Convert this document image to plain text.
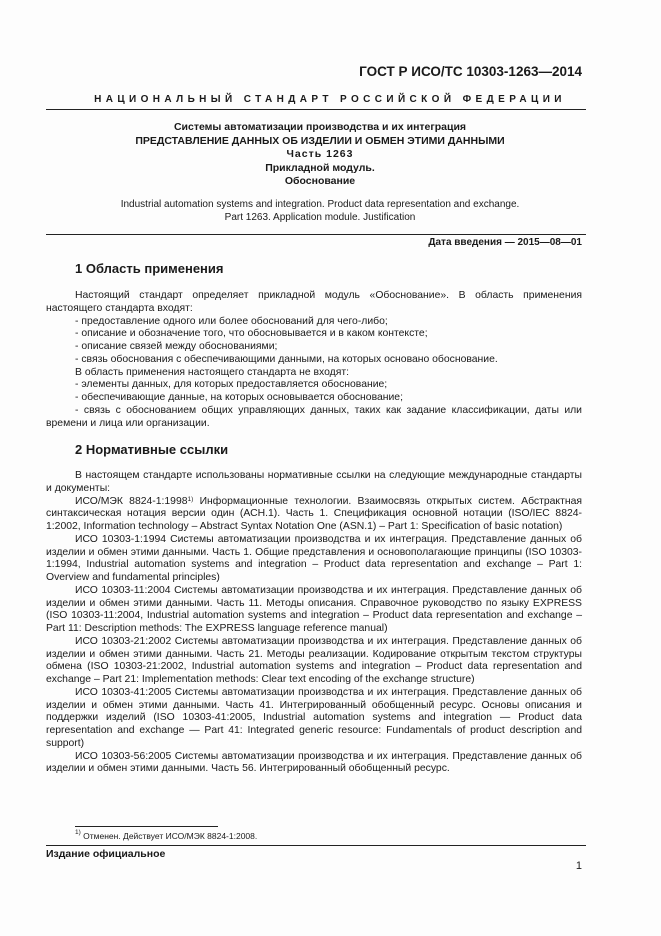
ГОСТ Р ИСО/ТС 10303-1263—2014
НАЦИОНАЛЬНЫЙ СТАНДАРТ РОССИЙСКОЙ ФЕДЕРАЦИИ
Системы автоматизации производства и их интеграция
ПРЕДСТАВЛЕНИЕ ДАННЫХ ОБ ИЗДЕЛИИ И ОБМЕН ЭТИМИ ДАННЫМИ
Часть 1263
Прикладной модуль.
Обоснование
Industrial automation systems and integration. Product data representation and exchange.
Part 1263. Application module. Justification
Дата введения — 2015—08—01
1 Область применения

Настоящий стандарт определяет прикладной модуль «Обоснование». В область применения настоящего стандарта входят:

- предоставление одного или более обоснований для чего-либо;

- описание и обозначение того, что обосновывается и в каком контексте;

- описание связей между обоснованиями;

- связь обоснования с обеспечивающими данными, на которых основано обоснование.

В область применения настоящего стандарта не входят:

- элементы данных, для которых предоставляется обоснование;

- обеспечивающие данные, на которых основывается обоснование;

- связь с обоснованием общих управляющих данных, таких как задание классификации, даты или времени и лица или организации.

2 Нормативные ссылки

В настоящем стандарте использованы нормативные ссылки на следующие международные стандарты и документы:

ИСО/МЭК 8824-1:1998$^{1)}$ Информационные технологии. Взаимосвязь открытых систем. Абстрактная синтаксическая нотация версии один (АСН.1). Часть 1. Спецификация основной нотации (ISO/IEC 8824-1:2002, Information technology – Abstract Syntax Notation One (ASN.1) – Part 1: Specification of basic notation)

ИСО 10303-1:1994 Системы автоматизации производства и их интеграция. Представление данных об изделии и обмен этими данными. Часть 1. Общие представления и основополагающие принципы (ISO 10303-1:1994, Industrial automation systems and integration – Product data representation and exchange – Part 1: Overview and fundamental principles)

ИСО 10303-11:2004 Системы автоматизации производства и их интеграция. Представление данных об изделии и обмен этими данными. Часть 11. Методы описания. Справочное руководство по языку EXPRESS (ISO 10303-11:2004, Industrial automation systems and integration – Product data representation and exchange – Part 11: Description methods: The EXPRESS language reference manual)

ИСО 10303-21:2002 Системы автоматизации производства и их интеграция. Представление данных об изделии и обмен этими данными. Часть 21. Методы реализации. Кодирование открытым текстом структуры обмена (ISO 10303-21:2002, Industrial automation systems and integration – Product data representation and exchange – Part 21: Implementation methods: Clear text encoding of the exchange structure)

ИСО 10303-41:2005 Системы автоматизации производства и их интеграция. Представление данных об изделии и обмен этими данными. Часть 41. Интегрированный обобщенный ресурс. Основы описания и поддержки изделий (ISO 10303-41:2005, Industrial automation systems and integration — Product data representation and exchange — Part 41: Integrated generic resource: Fundamentals of product description and support)

ИСО 10303-56:2005 Системы автоматизации производства и их интеграция. Представление данных об изделии и обмен этими данными. Часть 56. Интегрированный обобщенный ресурс.

$^{1)}$ Отменен. Действует ИСО/МЭК 8824-1:2008.
Издание официальное
1
